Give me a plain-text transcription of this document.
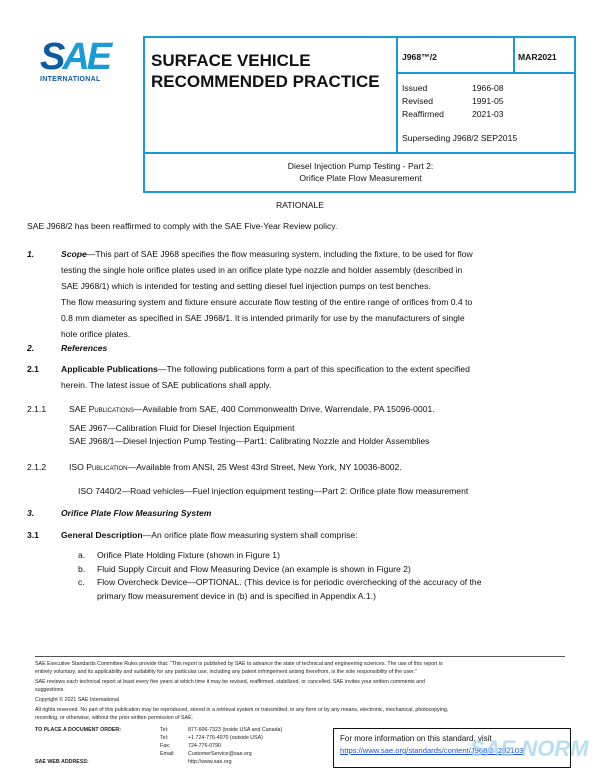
SAE
INTERNATIONAL
J968™/2	MAR2021
Issued	1966-08
Revised	1991-05
Reaffirmed	2021-03
Superseding J968/2 SEP2015
Diesel Injection Pump Testing - Part 2:
Orifice Plate Flow Measurement
SURFACE VEHICLE
RECOMMENDED PRACTICE
RATIONALE
SAE J968/2 has been reaffirmed to comply with the SAE Five-Year Review policy.
1.	Scope—This part of SAE J968 specifies the flow measuring system, including the fixture, to be used for flow
testing the single hole orifice plates used in an orifice plate type nozzle and holder assembly (described in
SAE J968/1) which is intended for testing and setting diesel fuel injection pumps on test benches.
The flow measuring system and fixture ensure accurate flow testing of the entire range of orifices from 0.4 to
0.8 mm diameter as specified in SAE J968/1. It is intended primarily for use by the manufacturers of single
hole orifice plates.
2.	References
2.1	Applicable Publications—The following publications form a part of this specification to the extent specified
herein. The latest issue of SAE publications shall apply.
2.1.1	SAE Publications—Available from SAE, 400 Commonwealth Drive, Warrendale, PA 15096-0001.
SAE J967—Calibration Fluid for Diesel Injection Equipment
SAE J968/1—Diesel Injection Pump Testing—Part1: Calibrating Nozzle and Holder Assemblies
2.1.2	ISO Publication—Available from ANSI, 25 West 43rd Street, New York, NY 10036-8002.
ISO 7440/2—Road vehicles—Fuel injection equipment testing—Part 2: Orifice plate flow measurement
3.	Orifice Plate Flow Measuring System
3.1	General Description—An orifice plate flow measuring system shall comprise:
a. Orifice Plate Holding Fixture (shown in Figure 1)
b. Fluid Supply Circuit and Flow Measuring Device (an example is shown in Figure 2)
c. Flow Overcheck Device—OPTIONAL. (This device is for periodic overchecking of the accuracy of the
primary flow measurement device in (b) and is specified in Appendix A.1.)
SAE Executive Standards Committee Rules provide that: “This report is published by SAE to advance the state of technical and engineering sciences. The use of this report is
entirely voluntary, and its applicability and suitability for any particular use, including any patent infringement arising therefrom, is the sole responsibility of the user.”
SAE reviews each technical report at least every five years at which time it may be revised, reaffirmed, stabilized, or cancelled. SAE invites your written comments and
suggestions.
Copyright © 2021 SAE International
All rights reserved. No part of this publication may be reproduced, stored in a retrieval system or transmitted, in any form or by any means, electronic, mechanical, photocopying,
recording, or otherwise, without the prior written permission of SAE.
TO PLACE A DOCUMENT ORDER:	Tel:	877-606-7323 (inside USA and Canada)
Tel:	+1 724-776-4970 (outside USA)
Fax:	724-776-0790
Email:	CustomerService@sae.org
http://www.sae.org
SAE WEB ADDRESS:
For more information on this standard, visit
https://www.sae.org/standards/content/J968/2_202103
SAE NORM
